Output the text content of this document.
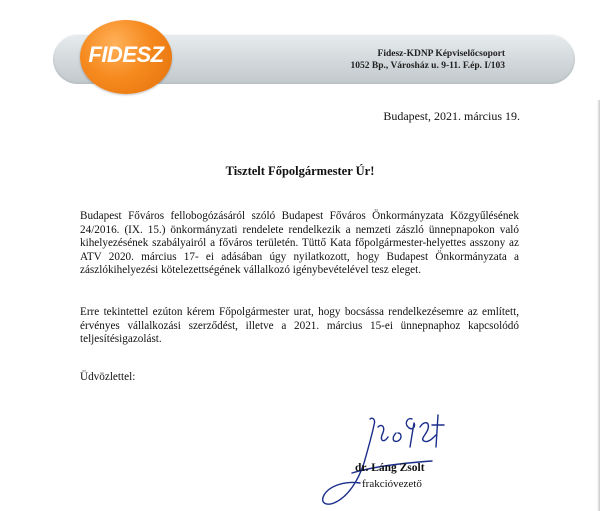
FIDESZ	Fidesz-KDNP Képviselőcsoport
1052 Bp., Városház u. 9-11. F.ép. I/103
Budapest, 2021. március 19.
Tisztelt Főpolgármester Úr!
Budapest Főváros fellobogózásáról szóló Budapest Főváros Önkormányzata Közgyűlésének 24/2016. (IX. 15.) önkormányzati rendelete rendelkezik a nemzeti zászló ünnepnapokon való kihelyezésének szabályairól a főváros területén. Tüttő Kata főpolgármester-helyettes asszony az ATV 2020. március 17- ei adásában úgy nyilatkozott, hogy Budapest Önkormányzata a zászlókihelyezési kötelezettségének vállalkozó igénybevételével tesz eleget.
Erre tekintettel ezúton kérem Főpolgármester urat, hogy bocsássa rendelkezésemre az említett, érvényes vállalkozási szerződést, illetve a 2021. március 15-ei ünnepnaphoz kapcsolódó teljesítésigazolást.
Üdvözlettel:
dr. Láng Zsolt
frakcióvezető
